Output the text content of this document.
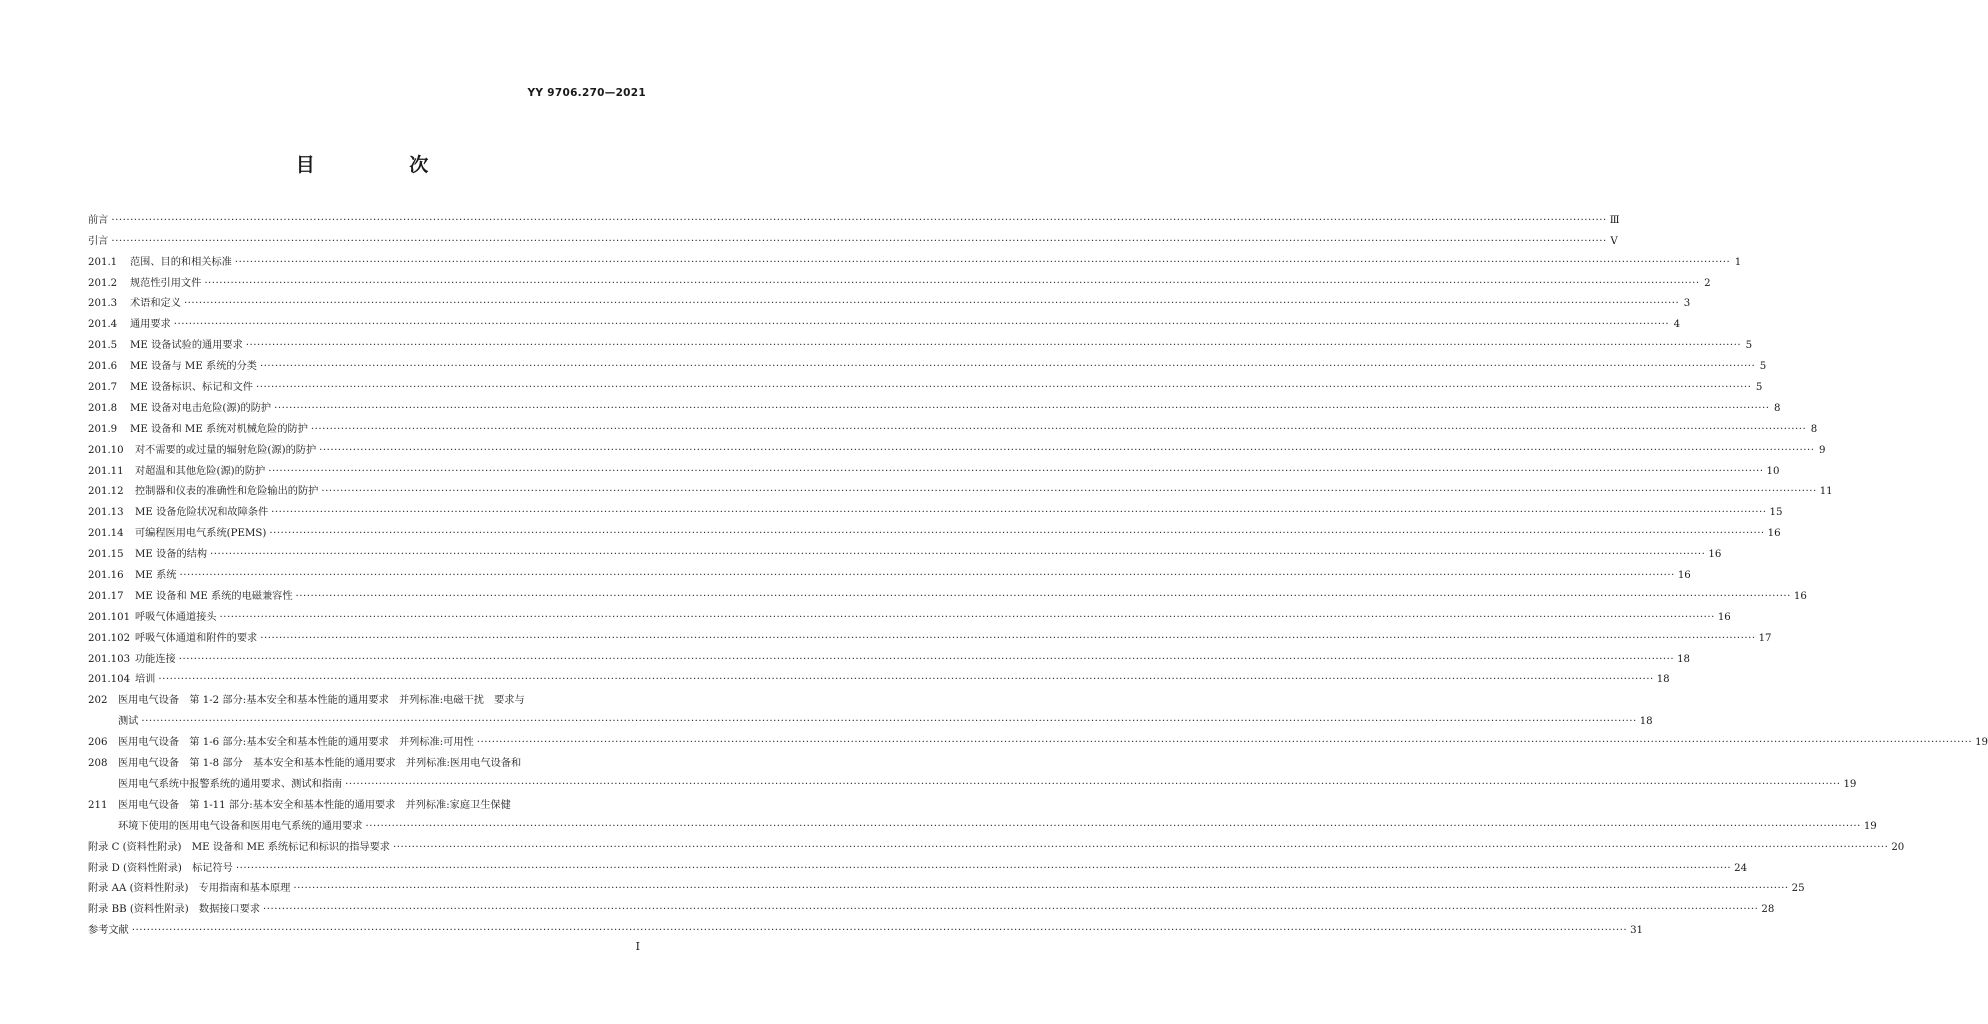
YY 9706.270—2021
目 次
前言 ················································································································································································································································································································································································································ Ⅲ
引言 ················································································································································································································································································································································································································ Ⅴ
201.1	范围、目的和相关标准 ················································································································································································································································································································································································································ 1
201.2	规范性引用文件 ················································································································································································································································································································································································································ 2
201.3	术语和定义 ················································································································································································································································································································································································································ 3
201.4	通用要求 ················································································································································································································································································································································································································ 4
201.5	ME 设备试验的通用要求 ················································································································································································································································································································································································································ 5
201.6	ME 设备与 ME 系统的分类 ················································································································································································································································································································································································································ 5
201.7	ME 设备标识、标记和文件 ················································································································································································································································································································································································································ 5
201.8	ME 设备对电击危险(源)的防护 ················································································································································································································································································································································································································ 8
201.9	ME 设备和 ME 系统对机械危险的防护 ················································································································································································································································································································································································································ 8
201.10	对不需要的或过量的辐射危险(源)的防护 ················································································································································································································································································································································································································ 9
201.11	对超温和其他危险(源)的防护 ················································································································································································································································································································································································································ 10
201.12	控制器和仪表的准确性和危险输出的防护 ················································································································································································································································································································································································································ 11
201.13	ME 设备危险状况和故障条件 ················································································································································································································································································································································································································ 15
201.14	可编程医用电气系统(PEMS) ················································································································································································································································································································································································································ 16
201.15	ME 设备的结构 ················································································································································································································································································································································································································ 16
201.16	ME 系统 ················································································································································································································································································································································································································ 16
201.17	ME 设备和 ME 系统的电磁兼容性 ················································································································································································································································································································································································································ 16
201.101 呼吸气体通道接头 ················································································································································································································································································································································································································ 16
201.102 呼吸气体通道和附件的要求 ················································································································································································································································································································································································································ 17
201.103 功能连接 ················································································································································································································································································································································································································ 18
201.104 培训 ················································································································································································································································································································································································································ 18
202	医用电气设备　第 1-2 部分:基本安全和基本性能的通用要求　并列标准:电磁干扰　要求与
测试 ················································································································································································································································································································································································································ 18
206	医用电气设备　第 1-6 部分:基本安全和基本性能的通用要求　并列标准:可用性 ················································································································································································································································································································································································································ 19
208	医用电气设备　第 1-8 部分　基本安全和基本性能的通用要求　并列标准:医用电气设备和
医用电气系统中报警系统的通用要求、测试和指南 ················································································································································································································································································································································································································ 19
211	医用电气设备　第 1-11 部分:基本安全和基本性能的通用要求　并列标准:家庭卫生保健
环境下使用的医用电气设备和医用电气系统的通用要求 ················································································································································································································································································································································································································ 19
附录 C (资料性附录)　ME 设备和 ME 系统标记和标识的指导要求 ················································································································································································································································································································································································································ 20
附录 D (资料性附录)　标记符号 ················································································································································································································································································································································································································ 24
附录 AA (资料性附录)　专用指南和基本原理 ················································································································································································································································································································································································································ 25
附录 BB (资料性附录)　数据接口要求 ················································································································································································································································································································································································································ 28
参考文献 ················································································································································································································································································································································································································ 31
Ⅰ
